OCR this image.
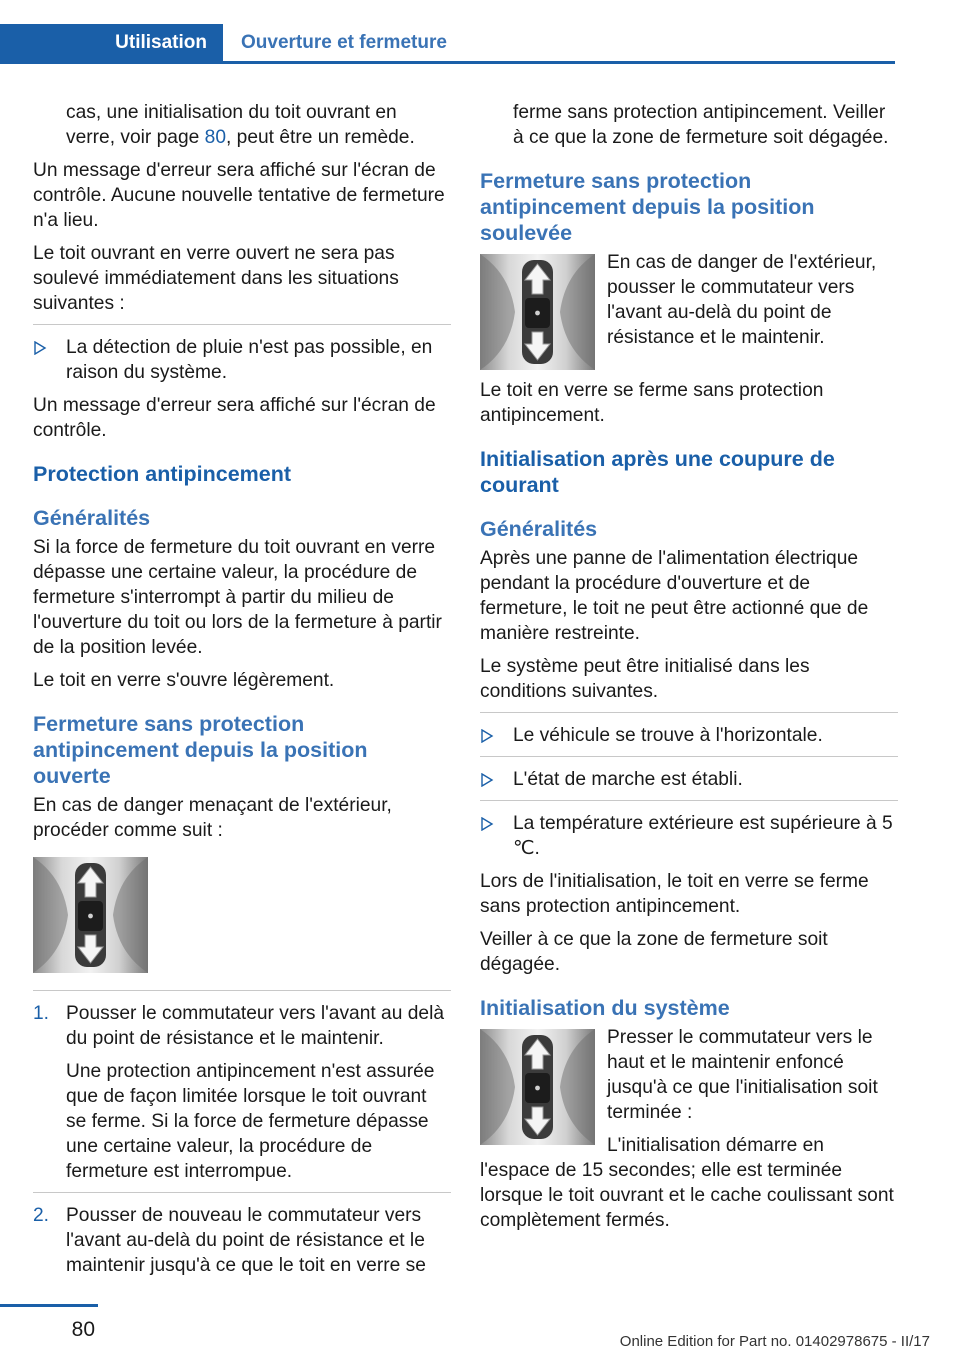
Utilisation	Ouverture et fermeture

cas, une initialisation du toit ouvrant en verre, voir page 80, peut être un remède.

Un message d'erreur sera affiché sur l'écran de contrôle. Aucune nouvelle tentative de fermeture n'a lieu.

Le toit ouvrant en verre ouvert ne sera pas soulevé immédiatement dans les situations suivantes :

La détection de pluie n'est pas possible, en raison du système.

Un message d'erreur sera affiché sur l'écran de contrôle.

Protection antipincement
Généralités

Si la force de fermeture du toit ouvrant en verre dépasse une certaine valeur, la procédure de fermeture s'interrompt à partir du milieu de l'ouverture du toit ou lors de la fermeture à partir de la position levée.

Le toit en verre s'ouvre légèrement.

Fermeture sans protection antipincement depuis la position ouverte

En cas de danger menaçant de l'extérieur, procéder comme suit :

1. Pousser le commutateur vers l'avant au delà du point de résistance et le maintenir.

Une protection antipincement n'est assurée que de façon limitée lorsque le toit ouvrant se ferme. Si la force de fermeture dépasse une certaine valeur, la procédure de fermeture est interrompue.

2. Pousser de nouveau le commutateur vers l'avant au-delà du point de résistance et le maintenir jusqu'à ce que le toit en verre se

ferme sans protection antipincement. Veiller à ce que la zone de fermeture soit dégagée.

Fermeture sans protection antipincement depuis la position soulevée

En cas de danger de l'extérieur, pousser le commutateur vers l'avant au-delà du point de résistance et le maintenir.

Le toit en verre se ferme sans protection antipincement.

Initialisation après une coupure de courant
Généralités

Après une panne de l'alimentation électrique pendant la procédure d'ouverture et de fermeture, le toit ne peut être actionné que de manière restreinte.

Le système peut être initialisé dans les conditions suivantes.

Le véhicule se trouve à l'horizontale.
L'état de marche est établi.
La température extérieure est supérieure à 5 ℃.

Lors de l'initialisation, le toit en verre se ferme sans protection antipincement.

Veiller à ce que la zone de fermeture soit dégagée.

Initialisation du système

Presser le commutateur vers le haut et le maintenir enfoncé jusqu'à ce que l'initialisation soit terminée :

L'initialisation démarre en l'espace de 15 secondes; elle est terminée lorsque le toit ouvrant et le cache coulissant sont complètement fermés.

80
Online Edition for Part no. 01402978675 - II/17
